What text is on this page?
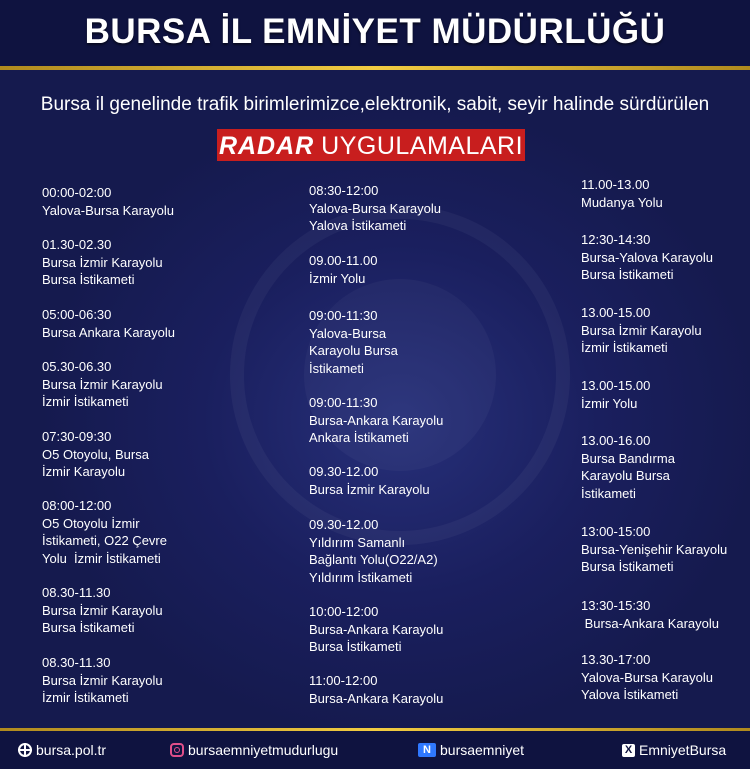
BURSA İL EMNİYET MÜDÜRLÜĞÜ
Bursa il genelinde trafik birimlerimizce,elektronik, sabit, seyir halinde sürdürülen
RADAR UYGULAMALARI
00:00-02:00
Yalova-Bursa Karayolu
01.30-02.30
Bursa İzmir Karayolu
Bursa İstikameti
05:00-06:30
Bursa Ankara Karayolu
05.30-06.30
Bursa İzmir Karayolu
İzmir İstikameti
07:30-09:30
O5 Otoyolu, Bursa
İzmir Karayolu
08:00-12:00
O5 Otoyolu İzmir
İstikameti, O22 Çevre
Yolu  İzmir İstikameti
08.30-11.30
Bursa İzmir Karayolu
Bursa İstikameti
08.30-11.30
Bursa İzmir Karayolu
İzmir İstikameti
08:30-12:00
Yalova-Bursa Karayolu
Yalova İstikameti
09.00-11.00
İzmir Yolu
09:00-11:30
Yalova-Bursa
Karayolu Bursa
İstikameti
09:00-11:30
Bursa-Ankara Karayolu
Ankara İstikameti
09.30-12.00
Bursa İzmir Karayolu
09.30-12.00
Yıldırım Samanlı
Bağlantı Yolu(O22/A2)
Yıldırım İstikameti
10:00-12:00
Bursa-Ankara Karayolu
Bursa İstikameti
11:00-12:00
Bursa-Ankara Karayolu
11.00-13.00
Mudanya Yolu
12:30-14:30
Bursa-Yalova Karayolu
Bursa İstikameti
13.00-15.00
Bursa İzmir Karayolu
İzmir İstikameti
13.00-15.00
İzmir Yolu
13.00-16.00
Bursa Bandırma
Karayolu Bursa
İstikameti
13:00-15:00
Bursa-Yenişehir Karayolu
Bursa İstikameti
13:30-15:30
Bursa-Ankara Karayolu
13.30-17:00
Yalova-Bursa Karayolu
Yalova İstikameti
bursa.pol.tr	bursaemniyetmudurlugu	N bursaemniyet	X EmniyetBursa
